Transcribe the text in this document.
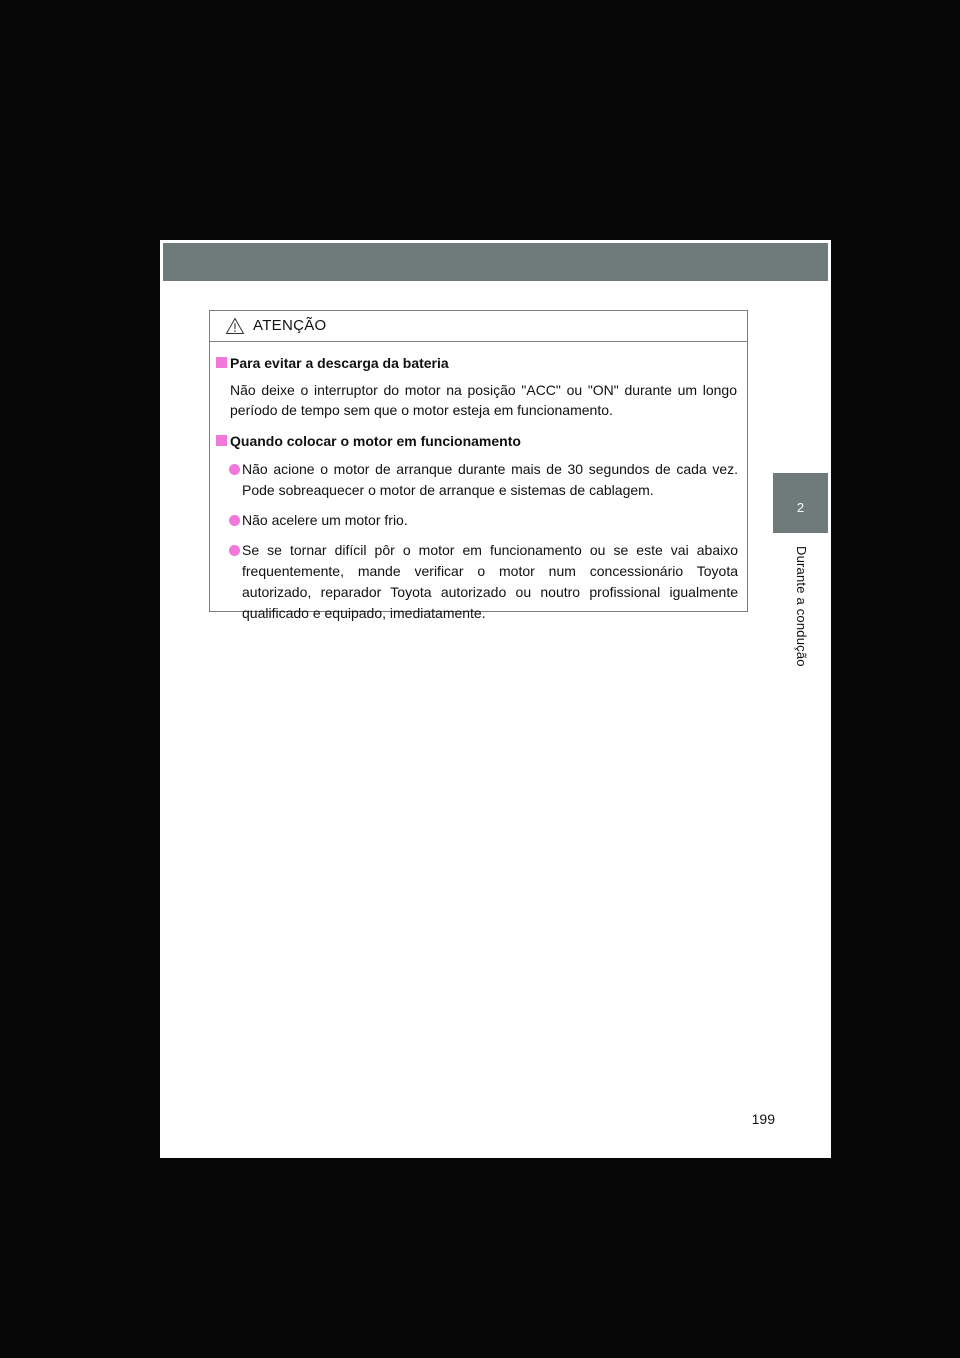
2
Durante a condução
ATENÇÃO
Para evitar a descarga da bateria

Não deixe o interruptor do motor na posição "ACC" ou "ON" durante um longo período de tempo sem que o motor esteja em funcionamento.

Quando colocar o motor em funcionamento
Não acione o motor de arranque durante mais de 30 segundos de cada vez. Pode sobreaquecer o motor de arranque e sistemas de cablagem.
Não acelere um motor frio.
Se se tornar difícil pôr o motor em funcionamento ou se este vai abaixo frequentemente, mande verificar o motor num concessionário Toyota autorizado, reparador Toyota autorizado ou noutro profissional igualmente qualificado e equipado, imediatamente.
199
